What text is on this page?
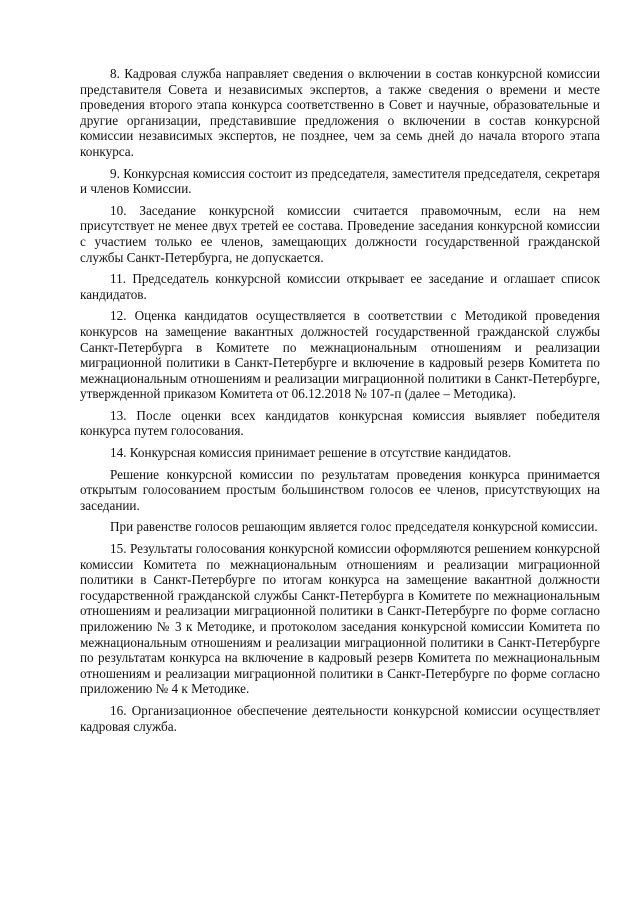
8. Кадровая служба направляет сведения о включении в состав конкурсной комиссии представителя Совета и независимых экспертов, а также сведения о времени и месте проведения второго этапа конкурса соответственно в Совет и научные, образовательные и другие организации, представившие предложения о включении в состав конкурсной комиссии независимых экспертов, не позднее, чем за семь дней до начала второго этапа конкурса.

9. Конкурсная комиссия состоит из председателя, заместителя председателя, секретаря и членов Комиссии.

10. Заседание конкурсной комиссии считается правомочным, если на нем присутствует не менее двух третей ее состава. Проведение заседания конкурсной комиссии с участием только ее членов, замещающих должности государственной гражданской службы Санкт-Петербурга, не допускается.

11. Председатель конкурсной комиссии открывает ее заседание и оглашает список кандидатов.

12. Оценка кандидатов осуществляется в соответствии с Методикой проведения конкурсов на замещение вакантных должностей государственной гражданской службы Санкт-Петербурга в Комитете по межнациональным отношениям и реализации миграционной политики в Санкт-Петербурге и включение в кадровый резерв Комитета по межнациональным отношениям и реализации миграционной политики в Санкт-Петербурге, утвержденной приказом Комитета от 06.12.2018 № 107-п (далее – Методика).

13. После оценки всех кандидатов конкурсная комиссия выявляет победителя конкурса путем голосования.

14. Конкурсная комиссия принимает решение в отсутствие кандидатов.

Решение конкурсной комиссии по результатам проведения конкурса принимается открытым голосованием простым большинством голосов ее членов, присутствующих на заседании.

При равенстве голосов решающим является голос председателя конкурсной комиссии.

15. Результаты голосования конкурсной комиссии оформляются решением конкурсной комиссии Комитета по межнациональным отношениям и реализации миграционной политики в Санкт-Петербурге по итогам конкурса на замещение вакантной должности государственной гражданской службы Санкт-Петербурга в Комитете по межнациональным отношениям и реализации миграционной политики в Санкт-Петербурге по форме согласно приложению № 3 к Методике, и протоколом заседания конкурсной комиссии Комитета по межнациональным отношениям и реализации миграционной политики в Санкт-Петербурге по результатам конкурса на включение в кадровый резерв Комитета по межнациональным отношениям и реализации миграционной политики в Санкт-Петербурге по форме согласно приложению № 4 к Методике.

16. Организационное обеспечение деятельности конкурсной комиссии осуществляет кадровая служба.
